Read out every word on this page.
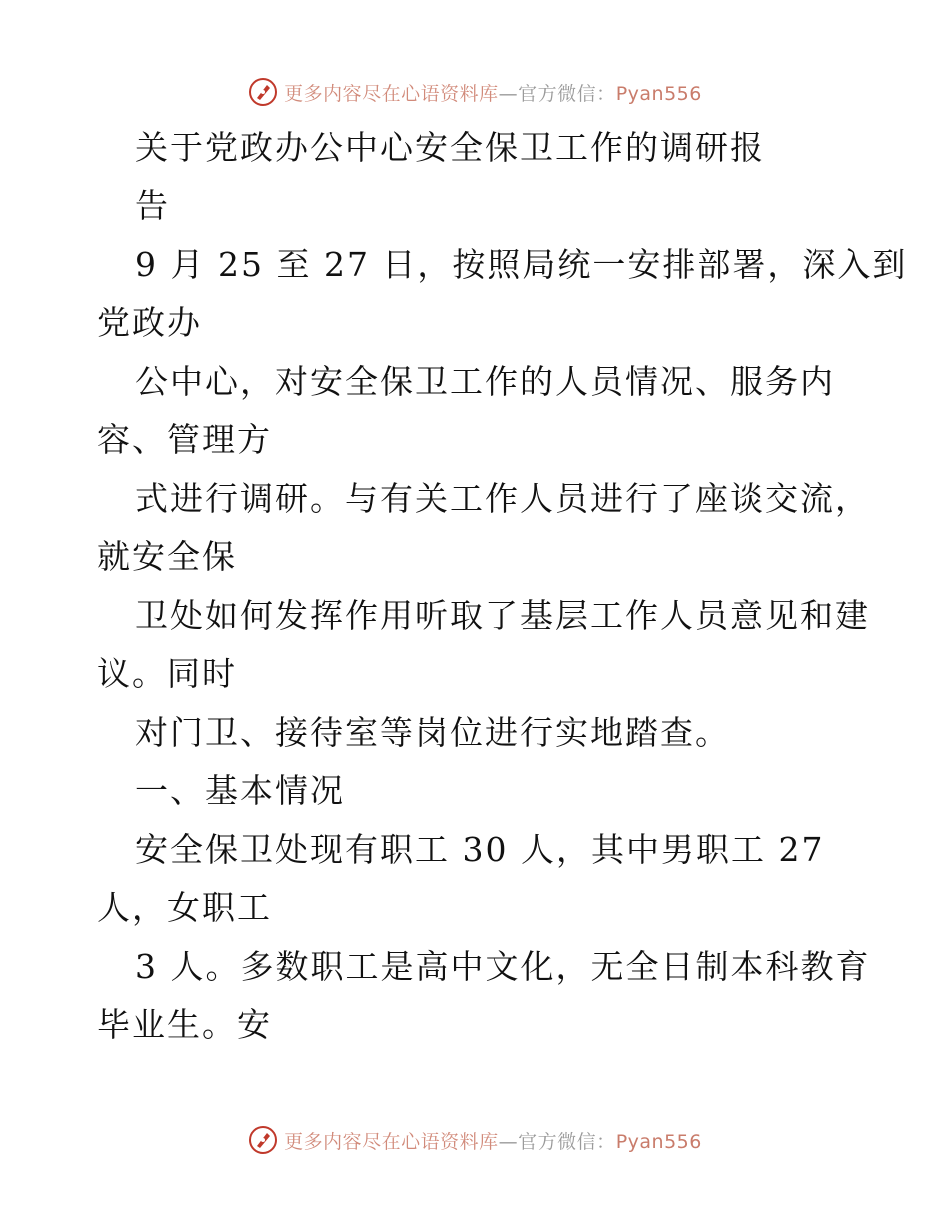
更多内容尽在心语资料库—官方微信：Pyan556
关于党政办公中心安全保卫工作的调研报
告
9 月 25 至 27 日，按照局统一安排部署，深入到
党政办
公中心，对安全保卫工作的人员情况、服务内
容、管理方
式进行调研。与有关工作人员进行了座谈交流，
就安全保
卫处如何发挥作用听取了基层工作人员意见和建
议。同时
对门卫、接待室等岗位进行实地踏查。
一、基本情况
安全保卫处现有职工 30 人，其中男职工 27
人，女职工
3 人。多数职工是高中文化，无全日制本科教育
毕业生。安
更多内容尽在心语资料库—官方微信：Pyan556
